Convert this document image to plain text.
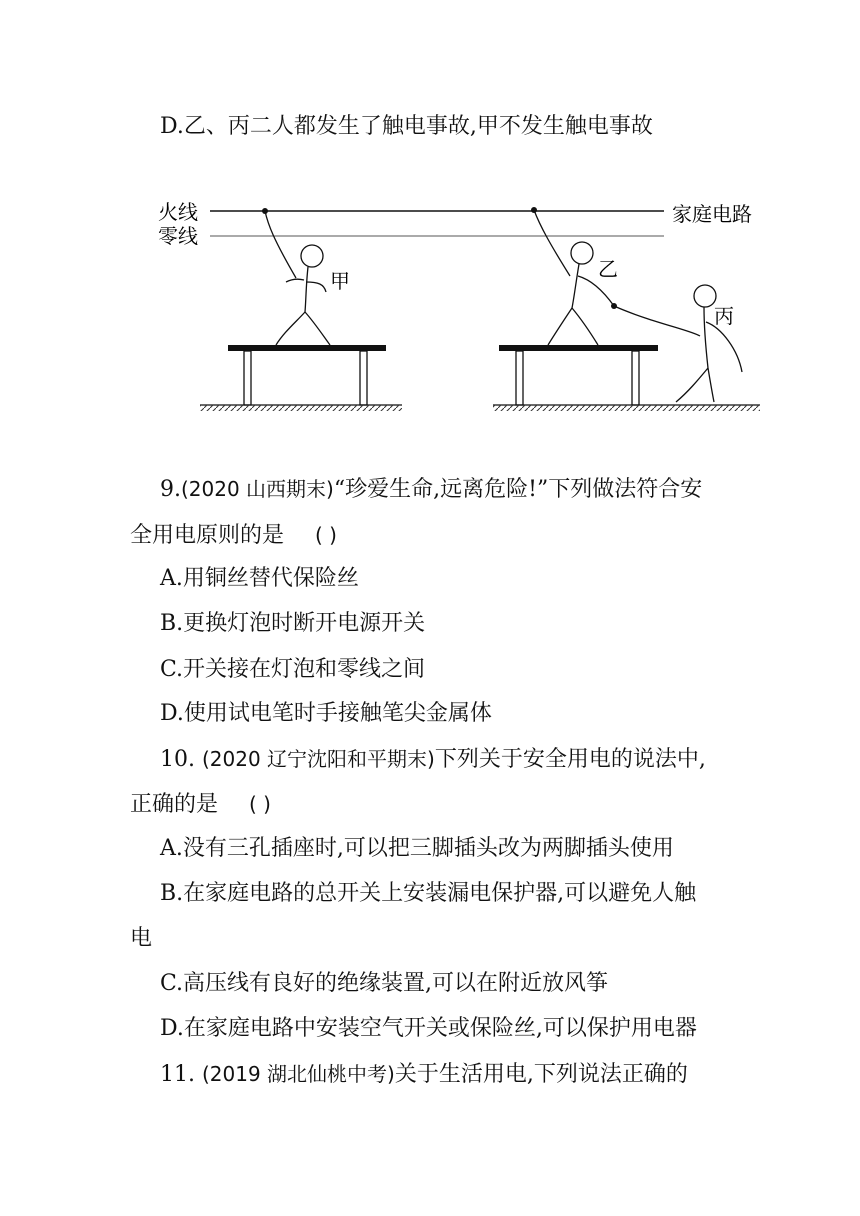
D.乙、丙二人都发生了触电事故,甲不发生触电事故
火线
零线
家庭电路
甲	乙
丙
9.(2020 山西期末)“珍爱生命,远离危险!”下列做法符合安
全用电原则的是 ( )
A.用铜丝替代保险丝
B.更换灯泡时断开电源开关
C.开关接在灯泡和零线之间
D.使用试电笔时手接触笔尖金属体
10. (2020 辽宁沈阳和平期末)下列关于安全用电的说法中,
正确的是 ( )
A.没有三孔插座时,可以把三脚插头改为两脚插头使用
B.在家庭电路的总开关上安装漏电保护器,可以避免人触
电
C.高压线有良好的绝缘装置,可以在附近放风筝
D.在家庭电路中安装空气开关或保险丝,可以保护用电器
11. (2019 湖北仙桃中考)关于生活用电,下列说法正确的
